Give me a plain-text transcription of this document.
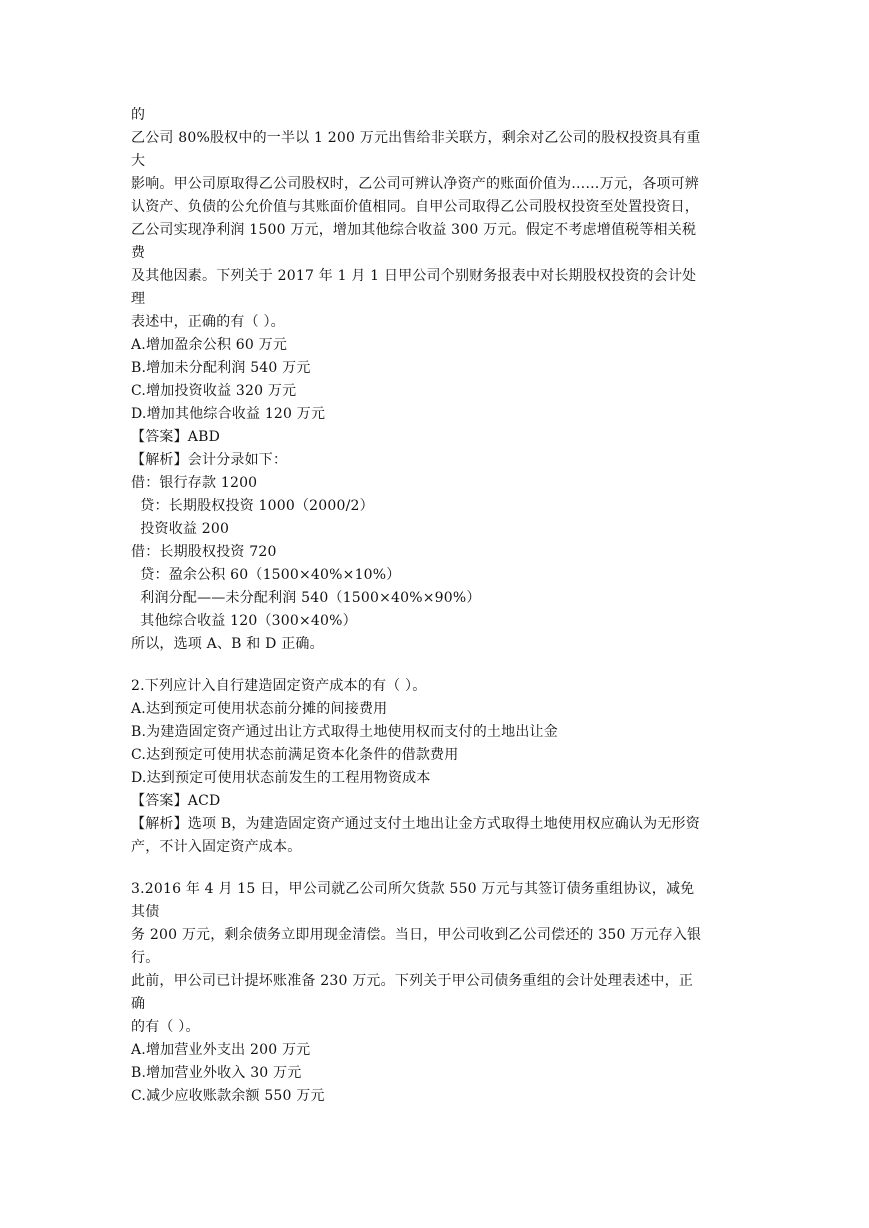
的
乙公司 80%股权中的一半以 1 200 万元出售给非关联方，剩余对乙公司的股权投资具有重
大
影响。甲公司原取得乙公司股权时，乙公司可辨认净资产的账面价值为……万元，各项可辨
认资产、负债的公允价值与其账面价值相同。自甲公司取得乙公司股权投资至处置投资日，
乙公司实现净利润 1500 万元，增加其他综合收益 300 万元。假定不考虑增值税等相关税
费
及其他因素。下列关于 2017 年 1 月 1 日甲公司个别财务报表中对长期股权投资的会计处
理
表述中，正确的有（ ）。
A.增加盈余公积 60 万元
B.增加未分配利润 540 万元
C.增加投资收益 320 万元
D.增加其他综合收益 120 万元
【答案】ABD
【解析】会计分录如下：
借：银行存款 1200
贷：长期股权投资 1000（2000/2）
投资收益 200
借：长期股权投资 720
贷：盈余公积 60（1500×40%×10%）
利润分配——未分配利润 540（1500×40%×90%）
其他综合收益 120（300×40%）
所以，选项 A、B 和 D 正确。
2.下列应计入自行建造固定资产成本的有（ ）。
A.达到预定可使用状态前分摊的间接费用
B.为建造固定资产通过出让方式取得土地使用权而支付的土地出让金
C.达到预定可使用状态前满足资本化条件的借款费用
D.达到预定可使用状态前发生的工程用物资成本
【答案】ACD
【解析】选项 B，为建造固定资产通过支付土地出让金方式取得土地使用权应确认为无形资
产，不计入固定资产成本。
3.2016 年 4 月 15 日，甲公司就乙公司所欠货款 550 万元与其签订债务重组协议，减免
其债
务 200 万元，剩余债务立即用现金清偿。当日，甲公司收到乙公司偿还的 350 万元存入银
行。
此前，甲公司已计提坏账准备 230 万元。下列关于甲公司债务重组的会计处理表述中，正
确
的有（ ）。
A.增加营业外支出 200 万元
B.增加营业外收入 30 万元
C.减少应收账款余额 550 万元
